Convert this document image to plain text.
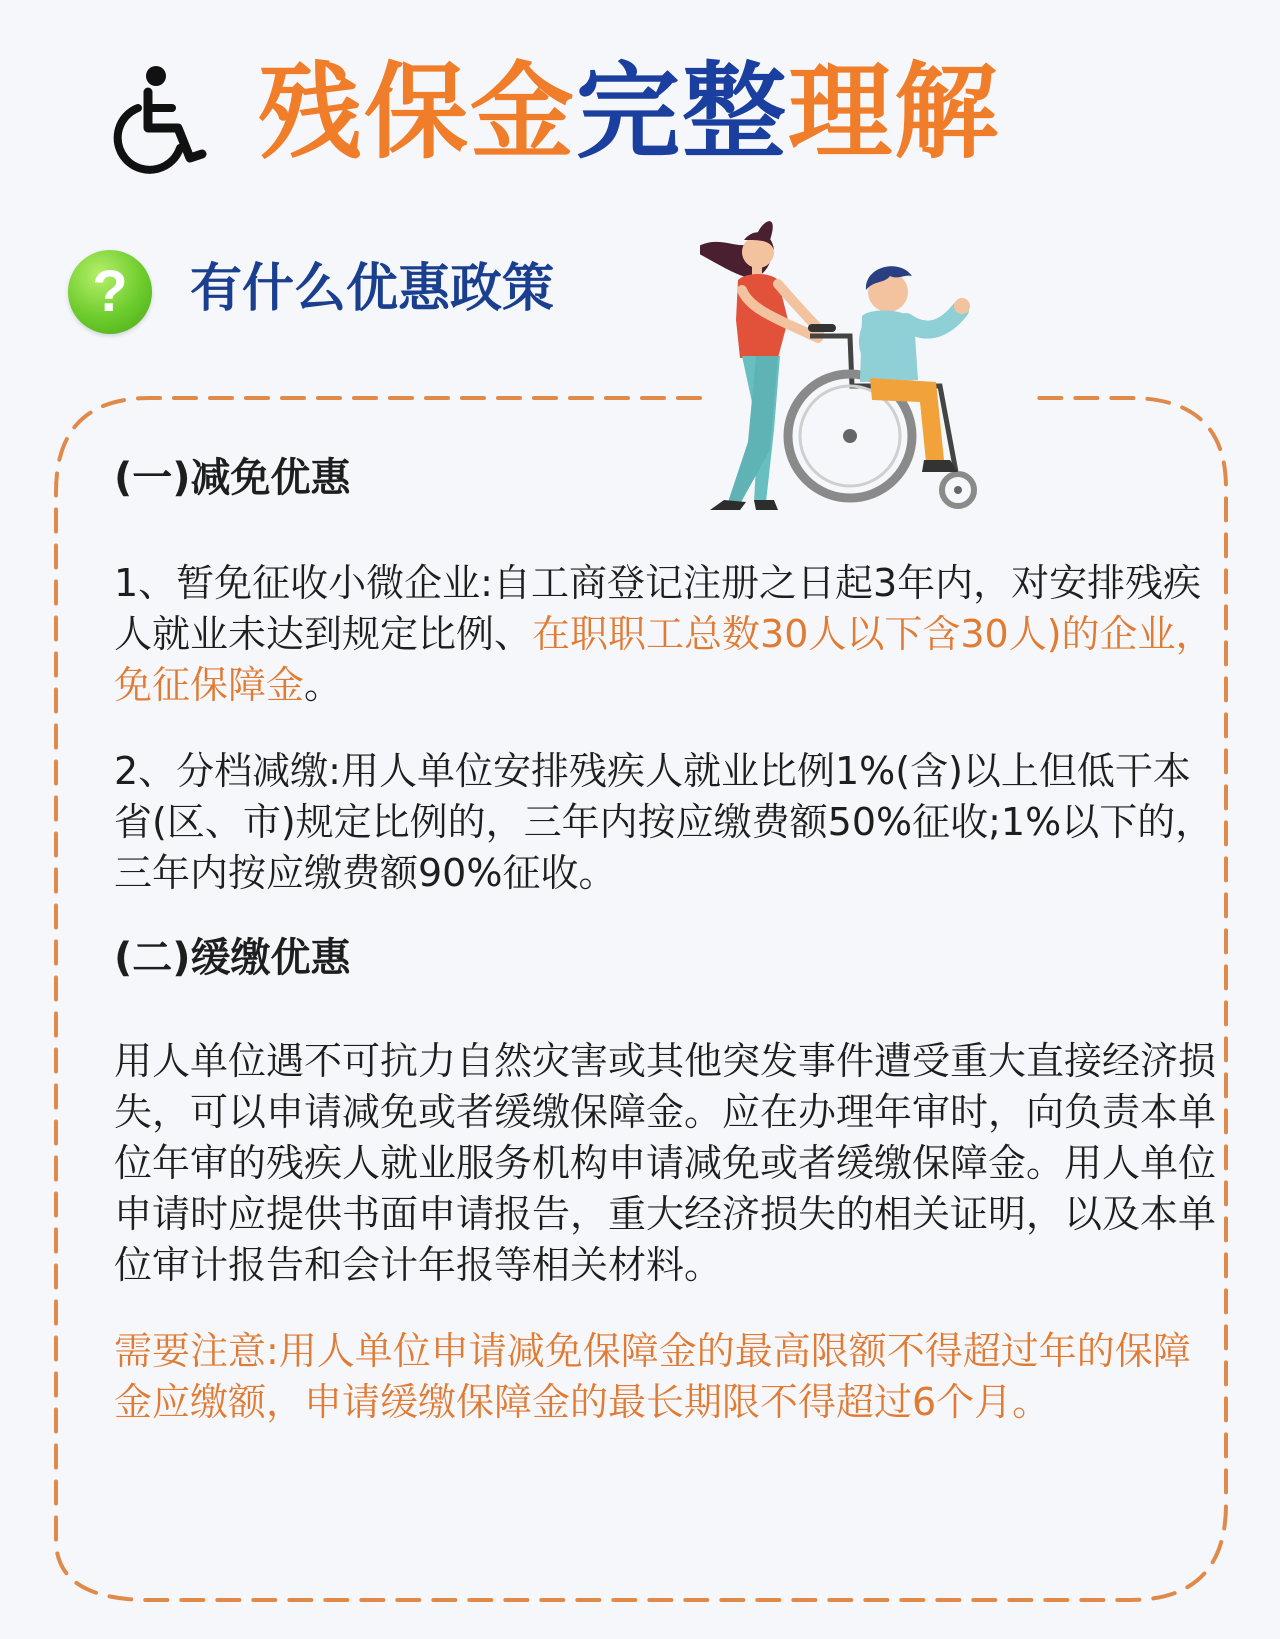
残保金完整理解
?	有什么优惠政策

(一)减免优惠

1、暂免征收小微企业:自工商登记注册之日起3年内，对安排残疾人就业未达到规定比例、在职职工总数30人以下含30人)的企业，免征保障金。

2、分档减缴:用人单位安排残疾人就业比例1%(含)以上但低干本省(区、市)规定比例的，三年内按应缴费额50%征收;1%以下的，三年内按应缴费额90%征收。

(二)缓缴优惠

用人单位遇不可抗力自然灾害或其他突发事件遭受重大直接经济损失，可以申请减免或者缓缴保障金。应在办理年审时，向负责本单位年审的残疾人就业服务机构申请减免或者缓缴保障金。用人单位申请时应提供书面申请报告，重大经济损失的相关证明，以及本单位审计报告和会计年报等相关材料。

需要注意:用人单位申请减免保障金的最高限额不得超过年的保障金应缴额，申请缓缴保障金的最长期限不得超过6个月。
